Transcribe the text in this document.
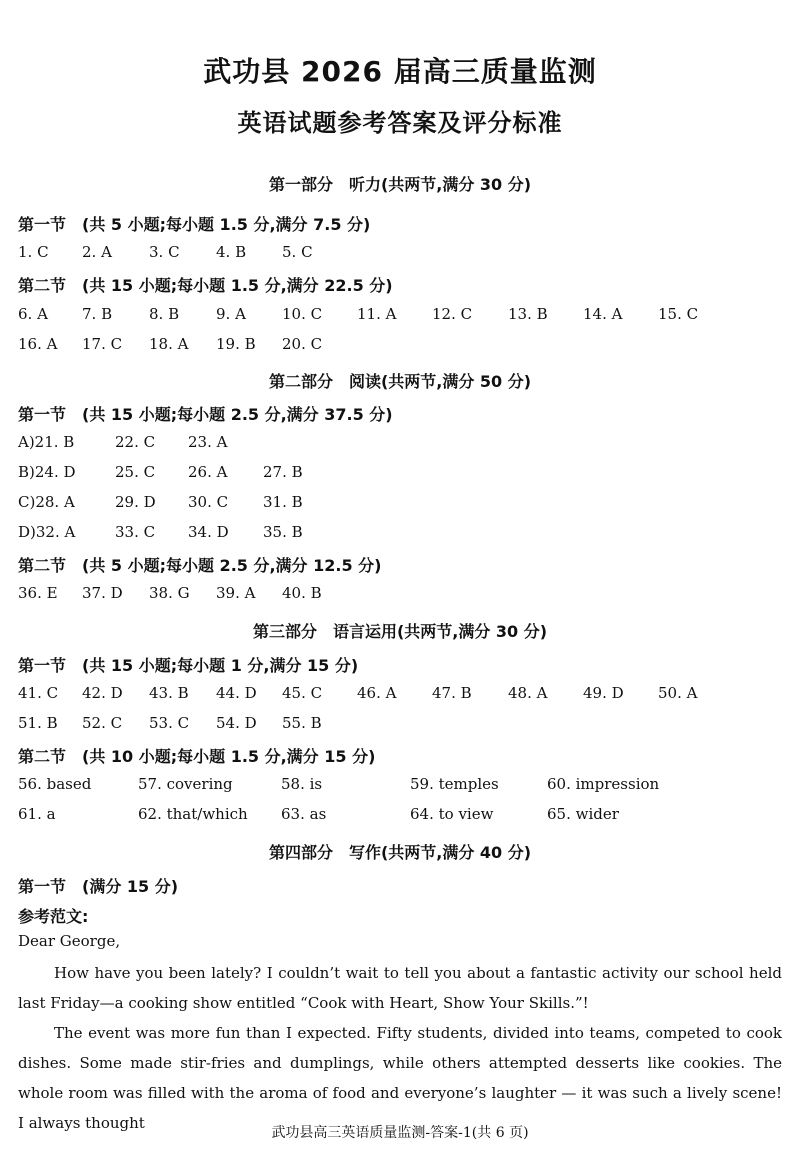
武功县 2026 届高三质量监测
英语试题参考答案及评分标准
第一部分　听力(共两节,满分 30 分)
第一节　(共 5 小题;每小题 1.5 分,满分 7.5 分)
1. C 2. A 3. C 4. B 5. C
第二节　(共 15 小题;每小题 1.5 分,满分 22.5 分)
6. A 7. B 8. B 9. A 10. C 11. A 12. C 13. B 14. A 15. C
16. A 17. C 18. A 19. B 20. C
第二部分　阅读(共两节,满分 50 分)
第一节　(共 15 小题;每小题 2.5 分,满分 37.5 分)
A)21. B	22. C 23. A
B)24. D	25. C 26. A 27. B
C)28. A	29. D 30. C 31. B
D)32. A	33. C 34. D 35. B
第二节　(共 5 小题;每小题 2.5 分,满分 12.5 分)
36. E 37. D 38. G 39. A 40. B
第三部分　语言运用(共两节,满分 30 分)
第一节　(共 15 小题;每小题 1 分,满分 15 分)
41. C 42. D 43. B 44. D 45. C 46. A 47. B 48. A 49. D 50. A
51. B 52. C 53. C 54. D 55. B
第二节　(共 10 小题;每小题 1.5 分,满分 15 分)
56. based	57. covering	58. is	59. temples	60. impression
61. a	62. that/which 63. as	64. to view	65. wider
第四部分　写作(共两节,满分 40 分)
第一节　(满分 15 分)
参考范文:
Dear George,

How have you been lately? I couldn’t wait to tell you about a fantastic activity our school held last Friday—a cooking show entitled “Cook with Heart, Show Your Skills.”!

The event was more fun than I expected. Fifty students, divided into teams, competed to cook dishes. Some made stir-fries and dumplings, while others attempted desserts like cookies. The whole room was filled with the aroma of food and everyone’s laughter — it was such a lively scene! I always thought

武功县高三英语质量监测-答案-1(共 6 页)
